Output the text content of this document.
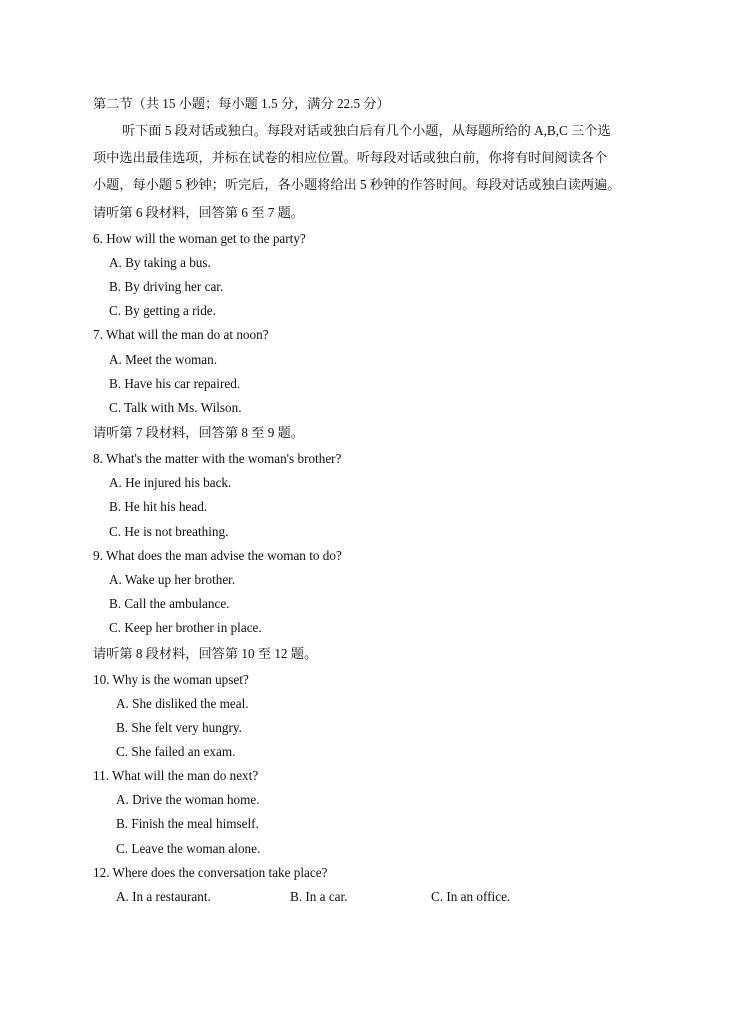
第二节（共 15 小题；每小题 1.5 分，满分 22.5 分）
听下面 5 段对话或独白。每段对话或独白后有几个小题，从每题所给的 A,B,C 三个选
项中选出最佳选项，并标在试卷的相应位置。听每段对话或独白前，你将有时间阅读各个
小题，每小题 5 秒钟；听完后，各小题将给出 5 秒钟的作答时间。每段对话或独白读两遍。
请听第 6 段材料，回答第 6 至 7 题。
6. How will the woman get to the party?
A. By taking a bus.
B. By driving her car.
C. By getting a ride.
7. What will the man do at noon?
A. Meet the woman.
B. Have his car repaired.
C. Talk with Ms. Wilson.
请听第 7 段材料，回答第 8 至 9 题。
8. What's the matter with the woman's brother?
A. He injured his back.
B. He hit his head.
C. He is not breathing.
9. What does the man advise the woman to do?
A. Wake up her brother.
B. Call the ambulance.
C. Keep her brother in place.
请听第 8 段材料，回答第 10 至 12 题。
10. Why is the woman upset?
A. She disliked the meal.
B. She felt very hungry.
C. She failed an exam.
11. What will the man do next?
A. Drive the woman home.
B. Finish the meal himself.
C. Leave the woman alone.
12. Where does the conversation take place?
A. In a restaurant.	B. In a car.	C. In an office.
